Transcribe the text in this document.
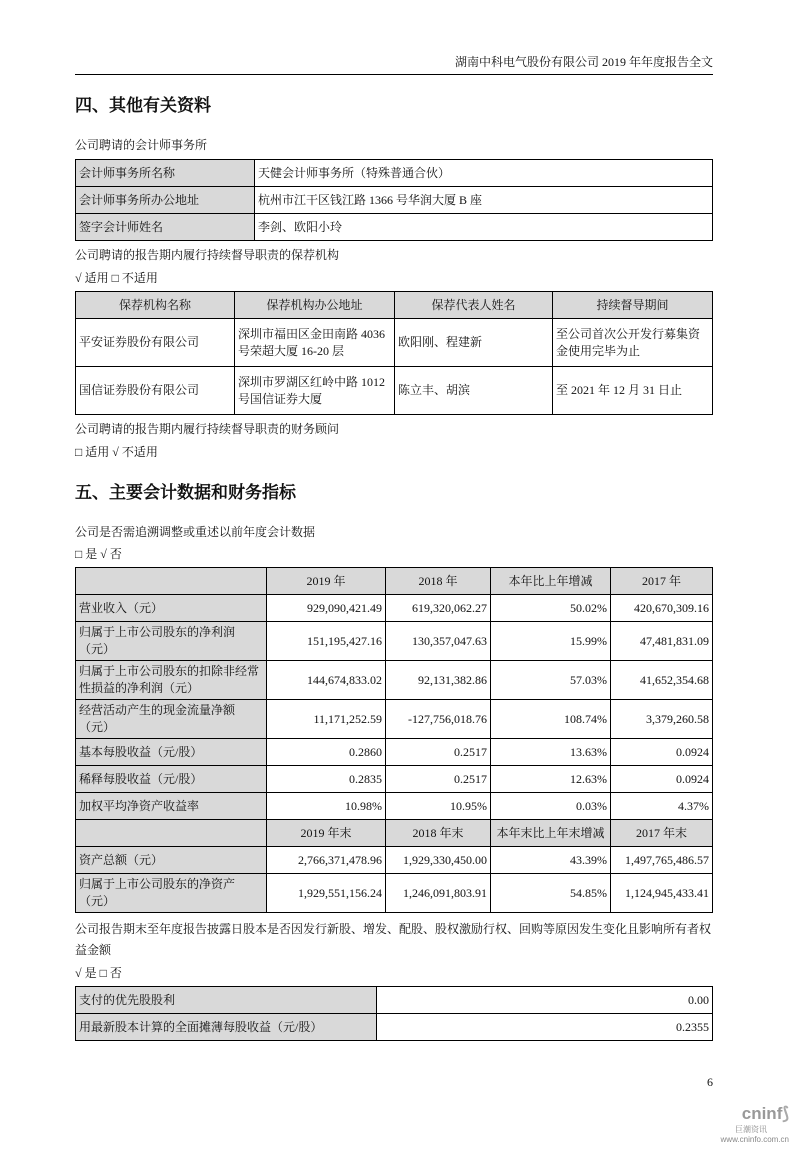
湖南中科电气股份有限公司 2019 年年度报告全文
四、其他有关资料
公司聘请的会计师事务所
会计师事务所名称	天健会计师事务所（特殊普通合伙）
会计师事务所办公地址	杭州市江干区钱江路 1366 号华润大厦 B 座
签字会计师姓名	李剑、欧阳小玲
公司聘请的报告期内履行持续督导职责的保荐机构
√ 适用 □ 不适用
保荐机构名称	保荐机构办公地址	保荐代表人姓名	持续督导期间
平安证券股份有限公司	深圳市福田区金田南路 4036 号荣超大厦 16-20 层	欧阳刚、程建新	至公司首次公开发行募集资金使用完毕为止
国信证券股份有限公司	深圳市罗湖区红岭中路 1012 号国信证券大厦	陈立丰、胡滨	至 2021 年 12 月 31 日止
公司聘请的报告期内履行持续督导职责的财务顾问
□ 适用 √ 不适用
五、主要会计数据和财务指标
公司是否需追溯调整或重述以前年度会计数据
□ 是 √ 否
	2019 年	2018 年	本年比上年增减	2017 年
营业收入（元）	929,090,421.49	619,320,062.27	50.02%	420,670,309.16
归属于上市公司股东的净利润（元）	151,195,427.16	130,357,047.63	15.99%	47,481,831.09
归属于上市公司股东的扣除非经常性损益的净利润（元）	144,674,833.02	92,131,382.86	57.03%	41,652,354.68
经营活动产生的现金流量净额（元）	11,171,252.59	-127,756,018.76	108.74%	3,379,260.58
基本每股收益（元/股）	0.2860	0.2517	13.63%	0.0924
稀释每股收益（元/股）	0.2835	0.2517	12.63%	0.0924
加权平均净资产收益率	10.98%	10.95%	0.03%	4.37%
	2019 年末	2018 年末	本年末比上年末增减	2017 年末
资产总额（元）	2,766,371,478.96	1,929,330,450.00	43.39%	1,497,765,486.57
归属于上市公司股东的净资产（元）	1,929,551,156.24	1,246,091,803.91	54.85%	1,124,945,433.41
公司报告期末至年度报告披露日股本是否因发行新股、增发、配股、股权激励行权、回购等原因发生变化且影响所有者权益金额
√ 是 □ 否
支付的优先股股利	0.00
用最新股本计算的全面摊薄每股收益（元/股）	0.2355
6
cninf⟆
巨潮资讯
www.cninfo.com.cn
